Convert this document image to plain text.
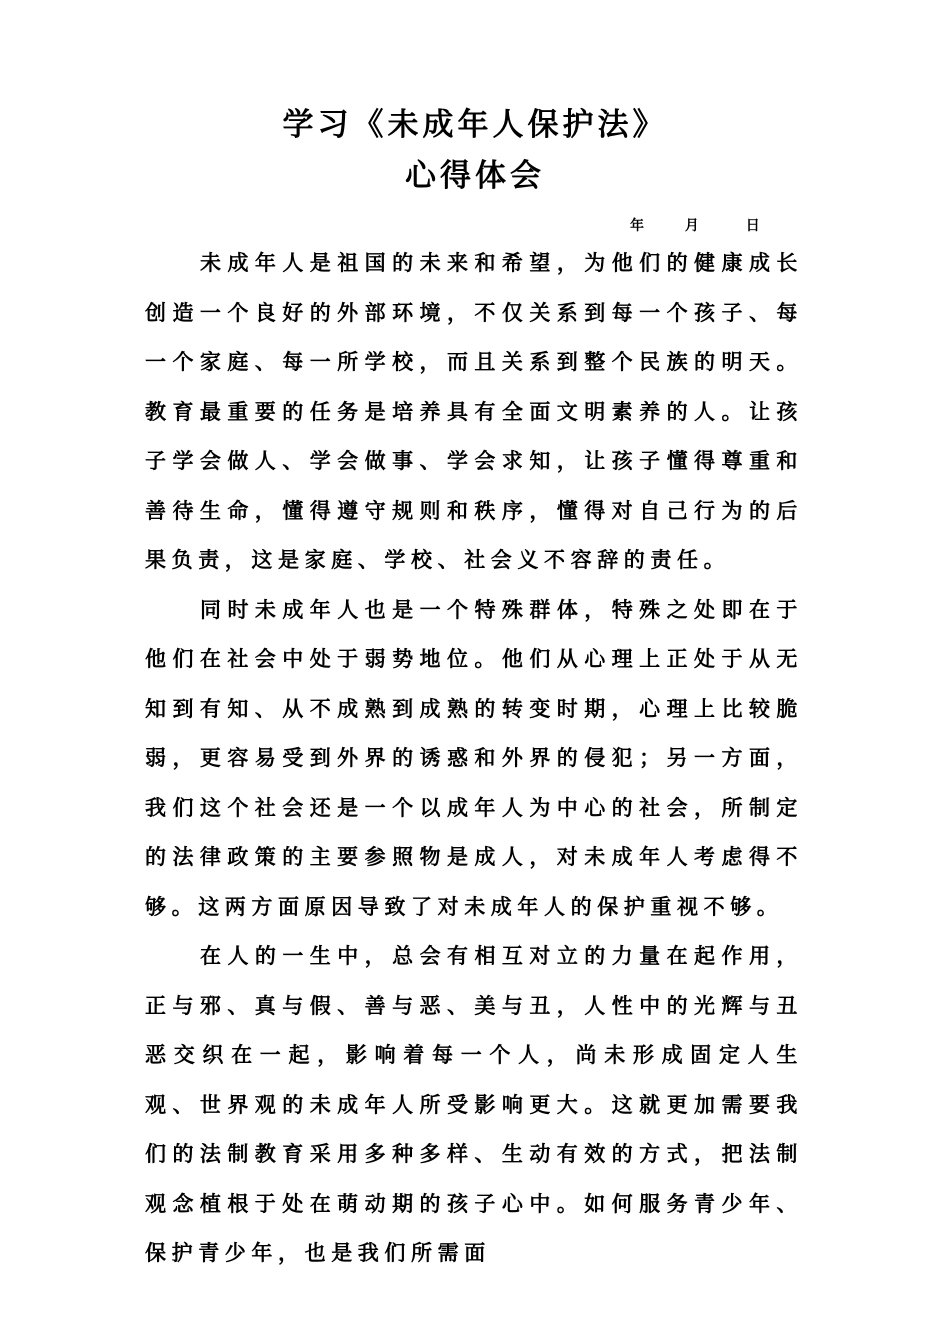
学习《未成年人保护法》
心得体会
年	月	日

未成年人是祖国的未来和希望，为他们的健康成长创造一个良好的外部环境，不仅关系到每一个孩子、每一个家庭、每一所学校，而且关系到整个民族的明天。教育最重要的任务是培养具有全面文明素养的人。让孩子学会做人、学会做事、学会求知，让孩子懂得尊重和善待生命，懂得遵守规则和秩序，懂得对自己行为的后果负责，这是家庭、学校、社会义不容辞的责任。

同时未成年人也是一个特殊群体，特殊之处即在于他们在社会中处于弱势地位。他们从心理上正处于从无知到有知、从不成熟到成熟的转变时期，心理上比较脆弱，更容易受到外界的诱惑和外界的侵犯；另一方面，我们这个社会还是一个以成年人为中心的社会，所制定的法律政策的主要参照物是成人，对未成年人考虑得不够。这两方面原因导致了对未成年人的保护重视不够。

在人的一生中，总会有相互对立的力量在起作用，正与邪、真与假、善与恶、美与丑，人性中的光辉与丑恶交织在一起，影响着每一个人，尚未形成固定人生观、世界观的未成年人所受影响更大。这就更加需要我们的法制教育采用多种多样、生动有效的方式，把法制观念植根于处在萌动期的孩子心中。如何服务青少年、保护青少年，也是我们所需面
